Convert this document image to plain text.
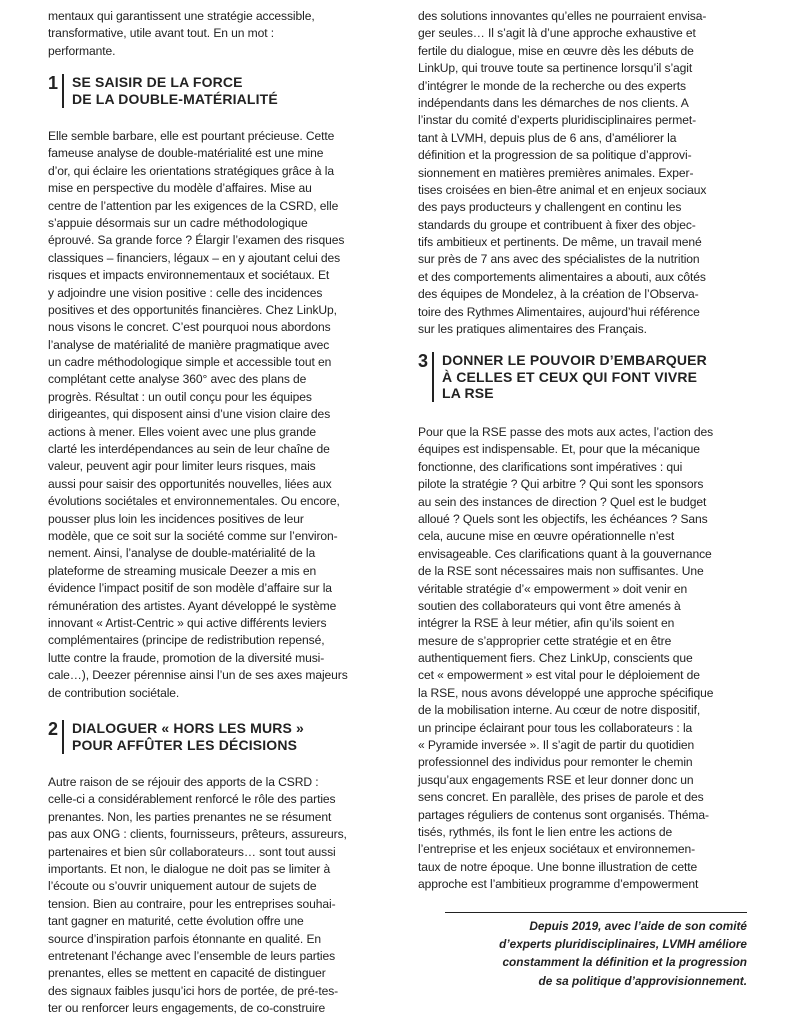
mentaux qui garantissent une stratégie accessible,
transformative, utile avant tout. En un mot :
performante.
1 SE SAISIR DE LA FORCE
DE LA DOUBLE-MATÉRIALITÉ
Elle semble barbare, elle est pourtant précieuse. Cette
fameuse analyse de double-matérialité est une mine
d’or, qui éclaire les orientations stratégiques grâce à la
mise en perspective du modèle d’affaires. Mise au
centre de l’attention par les exigences de la CSRD, elle
s’appuie désormais sur un cadre méthodologique
éprouvé. Sa grande force ? Élargir l’examen des risques
classiques – financiers, légaux – en y ajoutant celui des
risques et impacts environnementaux et sociétaux. Et
y adjoindre une vision positive : celle des incidences
positives et des opportunités financières. Chez LinkUp,
nous visons le concret. C’est pourquoi nous abordons
l’analyse de matérialité de manière pragmatique avec
un cadre méthodologique simple et accessible tout en
complétant cette analyse 360° avec des plans de
progrès. Résultat : un outil conçu pour les équipes
dirigeantes, qui disposent ainsi d’une vision claire des
actions à mener. Elles voient avec une plus grande
clarté les interdépendances au sein de leur chaîne de
valeur, peuvent agir pour limiter leurs risques, mais
aussi pour saisir des opportunités nouvelles, liées aux
évolutions sociétales et environnementales. Ou encore,
pousser plus loin les incidences positives de leur
modèle, que ce soit sur la société comme sur l’environ-
nement. Ainsi, l’analyse de double-matérialité de la
plateforme de streaming musicale Deezer a mis en
évidence l’impact positif de son modèle d’affaire sur la
rémunération des artistes. Ayant développé le système
innovant « Artist-Centric » qui active différents leviers
complémentaires (principe de redistribution repensé,
lutte contre la fraude, promotion de la diversité musi-
cale…), Deezer pérennise ainsi l’un de ses axes majeurs
de contribution sociétale.
2 DIALOGUER « HORS LES MURS »
POUR AFFÛTER LES DÉCISIONS
Autre raison de se réjouir des apports de la CSRD :
celle-ci a considérablement renforcé le rôle des parties
prenantes. Non, les parties prenantes ne se résument
pas aux ONG : clients, fournisseurs, prêteurs, assureurs,
partenaires et bien sûr collaborateurs… sont tout aussi
importants. Et non, le dialogue ne doit pas se limiter à
l’écoute ou s’ouvrir uniquement autour de sujets de
tension. Bien au contraire, pour les entreprises souhai-
tant gagner en maturité, cette évolution offre une
source d’inspiration parfois étonnante en qualité. En
entretenant l’échange avec l’ensemble de leurs parties
prenantes, elles se mettent en capacité de distinguer
des signaux faibles jusqu’ici hors de portée, de pré-tes-
ter ou renforcer leurs engagements, de co-construire
des solutions innovantes qu’elles ne pourraient envisa-
ger seules… Il s’agit là d’une approche exhaustive et
fertile du dialogue, mise en œuvre dès les débuts de
LinkUp, qui trouve toute sa pertinence lorsqu’il s’agit
d’intégrer le monde de la recherche ou des experts
indépendants dans les démarches de nos clients. A
l’instar du comité d’experts pluridisciplinaires permet-
tant à LVMH, depuis plus de 6 ans, d’améliorer la
définition et la progression de sa politique d’approvi-
sionnement en matières premières animales. Exper-
tises croisées en bien-être animal et en enjeux sociaux
des pays producteurs y challengent en continu les
standards du groupe et contribuent à fixer des objec-
tifs ambitieux et pertinents. De même, un travail mené
sur près de 7 ans avec des spécialistes de la nutrition
et des comportements alimentaires a abouti, aux côtés
des équipes de Mondelez, à la création de l’Observa-
toire des Rythmes Alimentaires, aujourd’hui référence
sur les pratiques alimentaires des Français.
3 DONNER LE POUVOIR D’EMBARQUER
À CELLES ET CEUX QUI FONT VIVRE
LA RSE
Pour que la RSE passe des mots aux actes, l’action des
équipes est indispensable. Et, pour que la mécanique
fonctionne, des clarifications sont impératives : qui
pilote la stratégie ? Qui arbitre ? Qui sont les sponsors
au sein des instances de direction ? Quel est le budget
alloué ? Quels sont les objectifs, les échéances ? Sans
cela, aucune mise en œuvre opérationnelle n’est
envisageable. Ces clarifications quant à la gouvernance
de la RSE sont nécessaires mais non suffisantes. Une
véritable stratégie d’« empowerment » doit venir en
soutien des collaborateurs qui vont être amenés à
intégrer la RSE à leur métier, afin qu’ils soient en
mesure de s’approprier cette stratégie et en être
authentiquement fiers. Chez LinkUp, conscients que
cet « empowerment » est vital pour le déploiement de
la RSE, nous avons développé une approche spécifique
de la mobilisation interne. Au cœur de notre dispositif,
un principe éclairant pour tous les collaborateurs : la
« Pyramide inversée ». Il s’agit de partir du quotidien
professionnel des individus pour remonter le chemin
jusqu’aux engagements RSE et leur donner donc un
sens concret. En parallèle, des prises de parole et des
partages réguliers de contenus sont organisés. Théma-
tisés, rythmés, ils font le lien entre les actions de
l’entreprise et les enjeux sociétaux et environnemen-
taux de notre époque. Une bonne illustration de cette
approche est l’ambitieux programme d’empowerment
Depuis 2019, avec l’aide de son comité
d’experts pluridisciplinaires, LVMH améliore
constamment la définition et la progression
de sa politique d’approvisionnement.
